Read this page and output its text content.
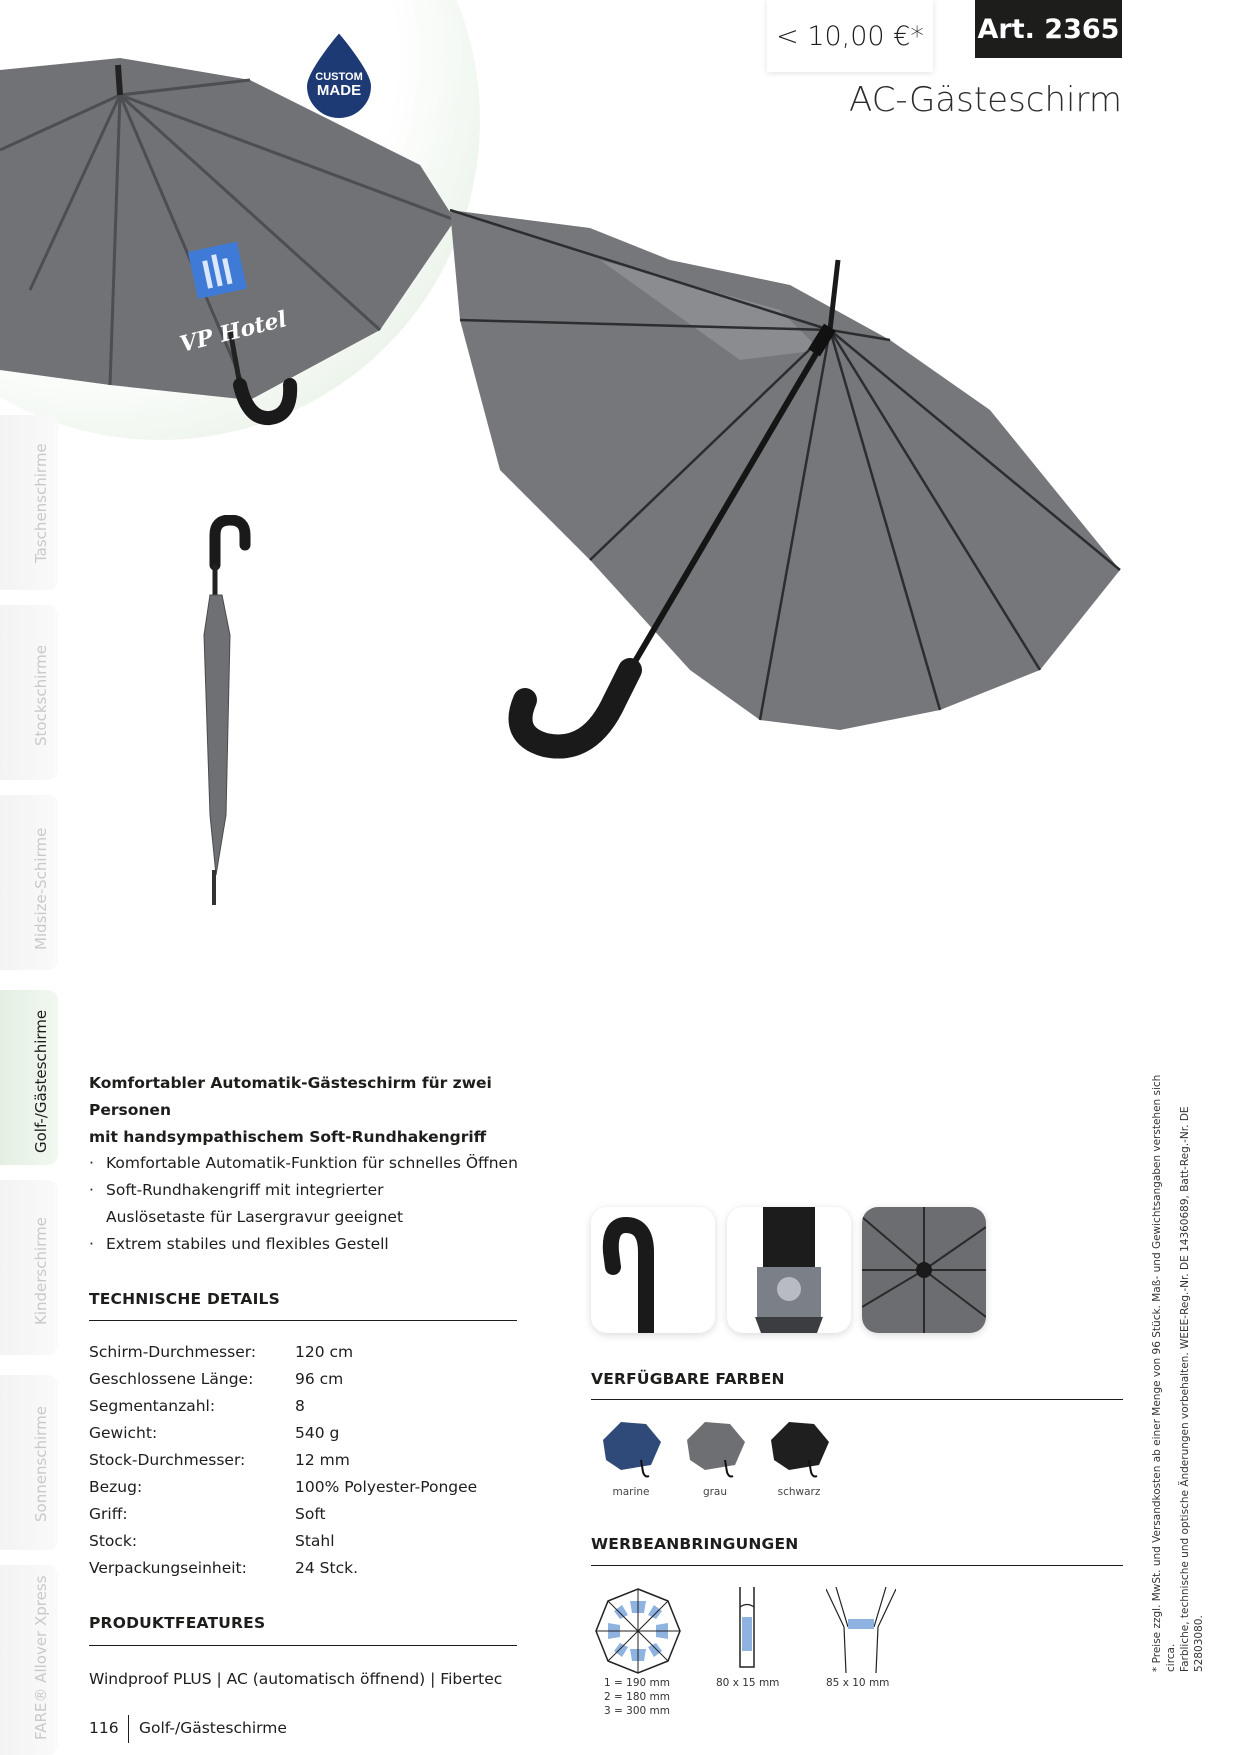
VP Hotel
CUSTOM
MADE
< 10,00 €* Art. 2365
AC-Gästeschirm
Taschenschirme
Stockschirme
Midsize-Schirme
Golf-/Gästeschirme
Kinderschirme
Sonnenschirme
FARE® Allover Xpress
Komfortabler Automatik-Gästeschirm für zwei Personen
mit handsympathischem Soft-Rundhakengriff
· Komfortable Automatik-Funktion für schnelles Öffnen
· Soft-Rundhakengriff mit integrierter
Auslösetaste für Lasergravur geeignet
· Extrem stabiles und flexibles Gestell
TECHNISCHE DETAILS
Schirm-Durchmesser:	120 cm
Geschlossene Länge:	96 cm
Segmentanzahl:	8
Gewicht:	540 g
Stock-Durchmesser:	12 mm
Bezug:	100% Polyester-Pongee
Griff:	Soft
Stock:	Stahl
Verpackungseinheit:	24 Stck.
PRODUKTFEATURES
Windproof PLUS | AC (automatisch öffnend) | Fibertec
VERFÜGBARE FARBEN
marine	grau	schwarz
WERBEANBRINGUNGEN
1 = 190 mm
2 = 180 mm
3 = 300 mm
80 x 15 mm	85 x 10 mm
* Preise zzgl. MwSt. und Versandkosten ab einer Menge von 96 Stück. Maß- und Gewichtsangaben verstehen sich circa. Farbliche, technische und optische Änderungen vorbehalten. WEEE-Reg.-Nr. DE 14360689, Batt-Reg.-Nr. DE 52803080.
116 Golf-/Gästeschirme
